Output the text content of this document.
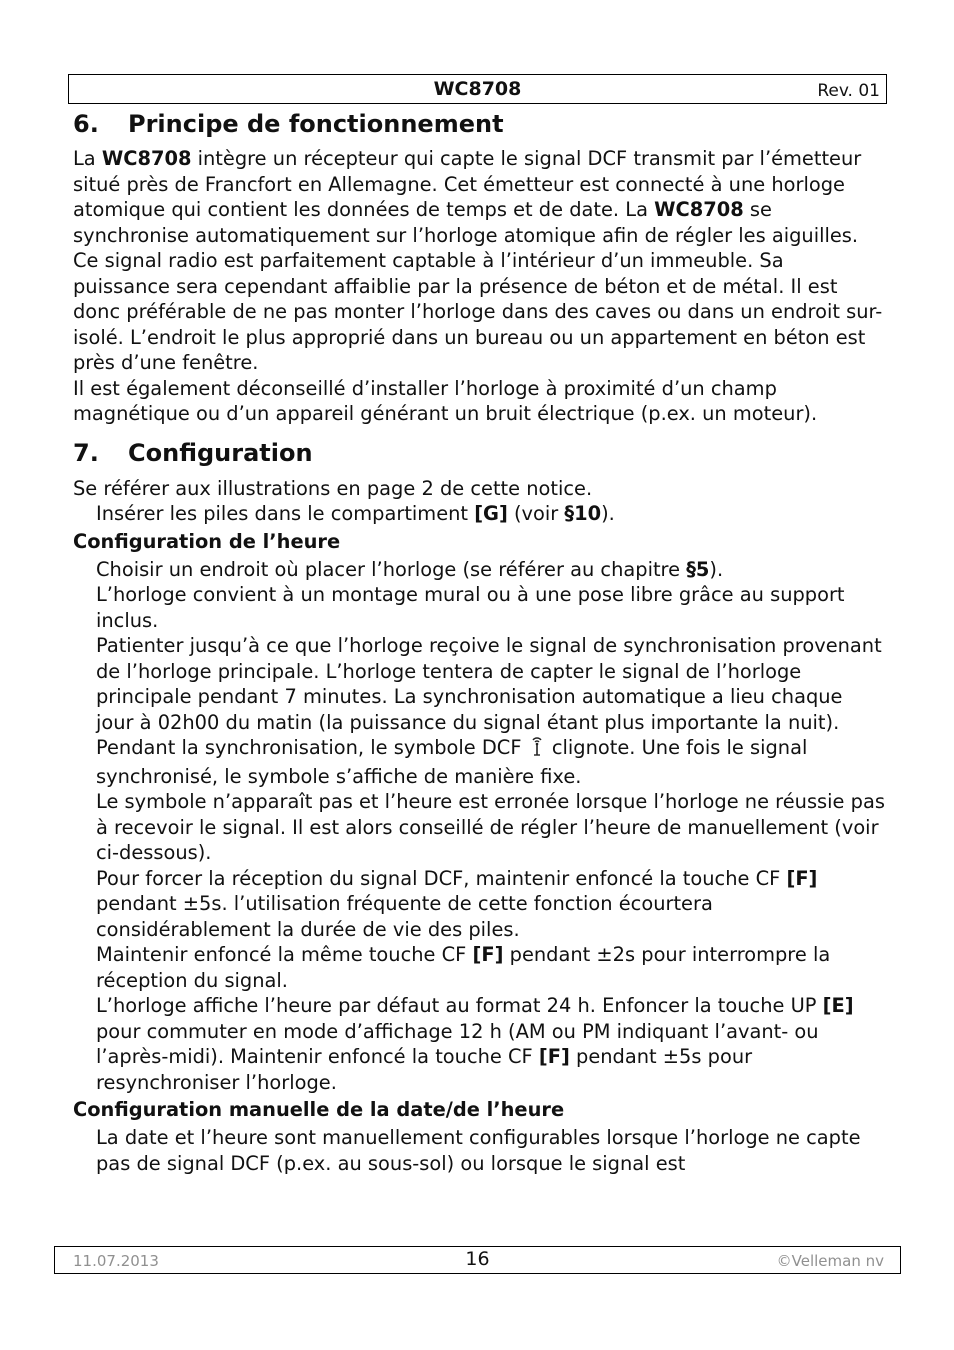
WC8708	Rev. 01
6. Principe de fonctionnement

La WC8708 intègre un récepteur qui capte le signal DCF transmit par l’émetteur situé près de Francfort en Allemagne. Cet émetteur est connecté à une horloge atomique qui contient les données de temps et de date. La WC8708 se synchronise automatiquement sur l’horloge atomique afin de régler les aiguilles.

Ce signal radio est parfaitement captable à l’intérieur d’un immeuble. Sa puissance sera cependant affaiblie par la présence de béton et de métal. Il est donc préférable de ne pas monter l’horloge dans des caves ou dans un endroit sur-isolé. L’endroit le plus approprié dans un bureau ou un appartement en béton est près d’une fenêtre.

Il est également déconseillé d’installer l’horloge à proximité d’un champ magnétique ou d’un appareil générant un bruit électrique (p.ex. un moteur).

7. Configuration

Se référer aux illustrations en page 2 de cette notice.

Insérer les piles dans le compartiment [G] (voir §10).

Configuration de l’heure

Choisir un endroit où placer l’horloge (se référer au chapitre §5).

L’horloge convient à un montage mural ou à une pose libre grâce au support inclus.

Patienter jusqu’à ce que l’horloge reçoive le signal de synchronisation provenant de l’horloge principale. L’horloge tentera de capter le signal de l’horloge principale pendant 7 minutes. La synchronisation automatique a lieu chaque jour à 02h00 du matin (la puissance du signal étant plus importante la nuit).

Pendant la synchronisation, le symbole DCF clignote. Une fois le signal synchronisé, le symbole s’affiche de manière fixe.

Le symbole n’apparaît pas et l’heure est erronée lorsque l’horloge ne réussie pas à recevoir le signal. Il est alors conseillé de régler l’heure de manuellement (voir ci-dessous).

Pour forcer la réception du signal DCF, maintenir enfoncé la touche CF [F] pendant ±5s. l’utilisation fréquente de cette fonction écourtera considérablement la durée de vie des piles.

Maintenir enfoncé la même touche CF [F] pendant ±2s pour interrompre la réception du signal.

L’horloge affiche l’heure par défaut au format 24 h. Enfoncer la touche UP [E] pour commuter en mode d’affichage 12 h (AM ou PM indiquant l’avant- ou l’après-midi). Maintenir enfoncé la touche CF [F] pendant ±5s pour resynchroniser l’horloge.

Configuration manuelle de la date/de l’heure

La date et l’heure sont manuellement configurables lorsque l’horloge ne capte pas de signal DCF (p.ex. au sous-sol) ou lorsque le signal est

11.07.2013	16	©Velleman nv
